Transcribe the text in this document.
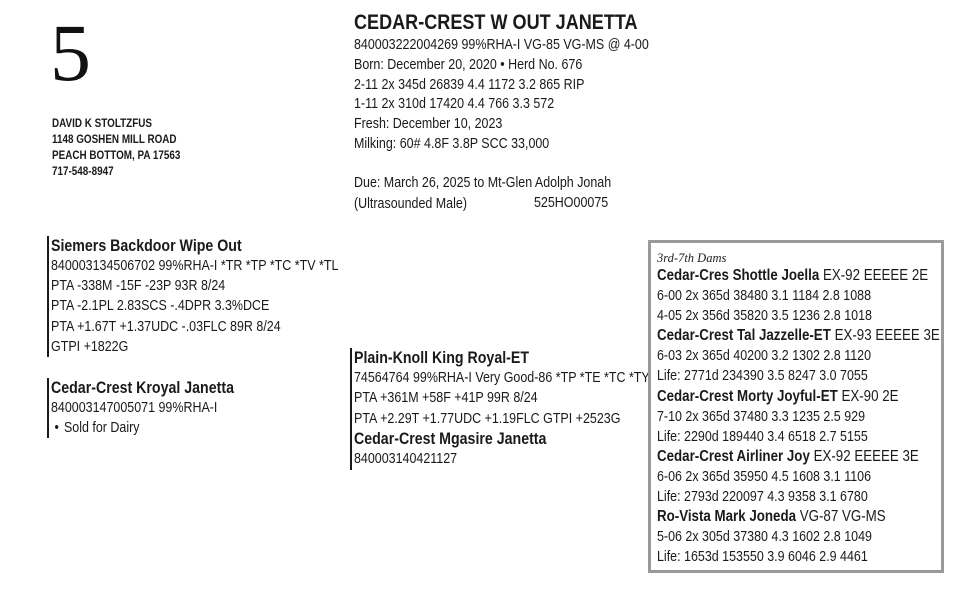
5
DAVID K STOLTZFUS
1148 GOSHEN MILL ROAD
PEACH BOTTOM, PA 17563
717-548-8947
CEDAR-CREST W OUT JANETTA
840003222004269 99%RHA-I VG-85 VG-MS @ 4-00
Born: December 20, 2020 • Herd No. 676
2-11 2x 345d 26839 4.4 1172 3.2 865 RIP
1-11 2x 310d 17420 4.4 766 3.3 572
Fresh: December 10, 2023
Milking: 60# 4.8F 3.8P SCC 33,000
Due: March 26, 2025 to Mt-Glen Adolph Jonah
(Ultrasounded Male)	525HO00075
Siemers Backdoor Wipe Out
840003134506702 99%RHA-I *TR *TP *TC *TV *TL
PTA -338M -15F -23P 93R 8/24
PTA -2.1PL 2.83SCS -.4DPR 3.3%DCE
PTA +1.67T +1.37UDC -.03FLC 89R 8/24
GTPI +1822G
Cedar-Crest Kroyal Janetta
840003147005071 99%RHA-I
• Sold for Dairy
Plain-Knoll King Royal-ET
74564764 99%RHA-I Very Good-86 *TP *TE *TC *TY
PTA +361M +58F +41P 99R 8/24
PTA +2.29T +1.77UDC +1.19FLC GTPI +2523G
Cedar-Crest Mgasire Janetta
840003140421127
3rd-7th Dams
Cedar-Cres Shottle Joella EX-92 EEEEE 2E
6-00 2x 365d 38480 3.1 1184 2.8 1088
4-05 2x 356d 35820 3.5 1236 2.8 1018
Cedar-Crest Tal Jazzelle-ET EX-93 EEEEE 3E
6-03 2x 365d 40200 3.2 1302 2.8 1120
Life: 2771d 234390 3.5 8247 3.0 7055
Cedar-Crest Morty Joyful-ET EX-90 2E
7-10 2x 365d 37480 3.3 1235 2.5 929
Life: 2290d 189440 3.4 6518 2.7 5155
Cedar-Crest Airliner Joy EX-92 EEEEE 3E
6-06 2x 365d 35950 4.5 1608 3.1 1106
Life: 2793d 220097 4.3 9358 3.1 6780
Ro-Vista Mark Joneda VG-87 VG-MS
5-06 2x 305d 37380 4.3 1602 2.8 1049
Life: 1653d 153550 3.9 6046 2.9 4461
